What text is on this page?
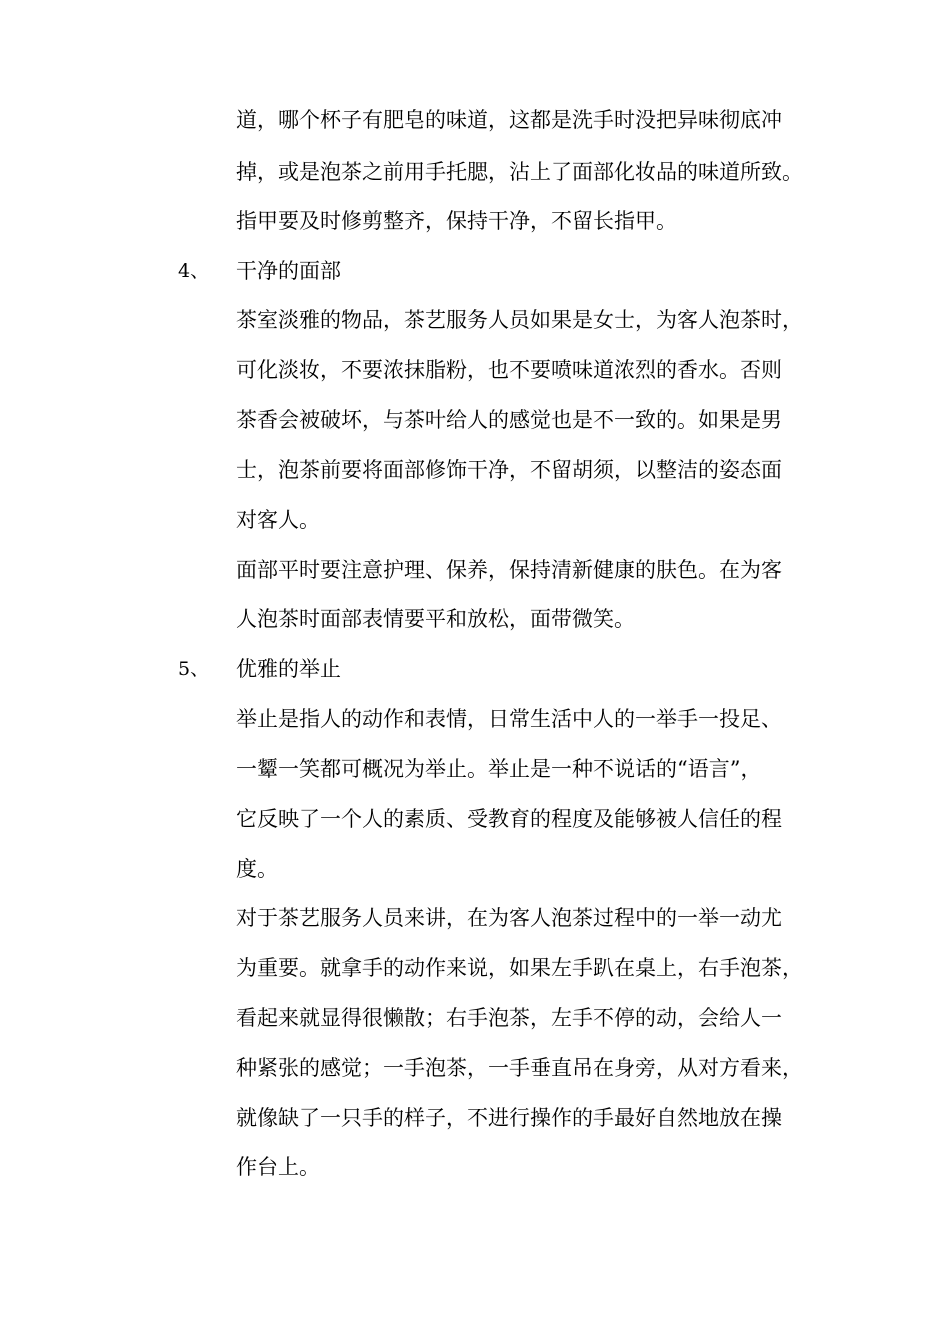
道，哪个杯子有肥皂的味道，这都是洗手时没把异味彻底冲
掉，或是泡茶之前用手托腮，沾上了面部化妆品的味道所致。
指甲要及时修剪整齐，保持干净，不留长指甲。
4、 干净的面部
茶室淡雅的物品，茶艺服务人员如果是女士，为客人泡茶时，
可化淡妆，不要浓抹脂粉，也不要喷味道浓烈的香水。否则
茶香会被破坏，与茶叶给人的感觉也是不一致的。如果是男
士，泡茶前要将面部修饰干净，不留胡须，以整洁的姿态面
对客人。
面部平时要注意护理、保养，保持清新健康的肤色。在为客
人泡茶时面部表情要平和放松，面带微笑。
5、 优雅的举止
举止是指人的动作和表情，日常生活中人的一举手一投足、
一颦一笑都可概况为举止。举止是一种不说话的“语言”，
它反映了一个人的素质、受教育的程度及能够被人信任的程
度。
对于茶艺服务人员来讲，在为客人泡茶过程中的一举一动尤
为重要。就拿手的动作来说，如果左手趴在桌上，右手泡茶，
看起来就显得很懒散；右手泡茶，左手不停的动，会给人一
种紧张的感觉；一手泡茶，一手垂直吊在身旁，从对方看来，
就像缺了一只手的样子，不进行操作的手最好自然地放在操
作台上。
